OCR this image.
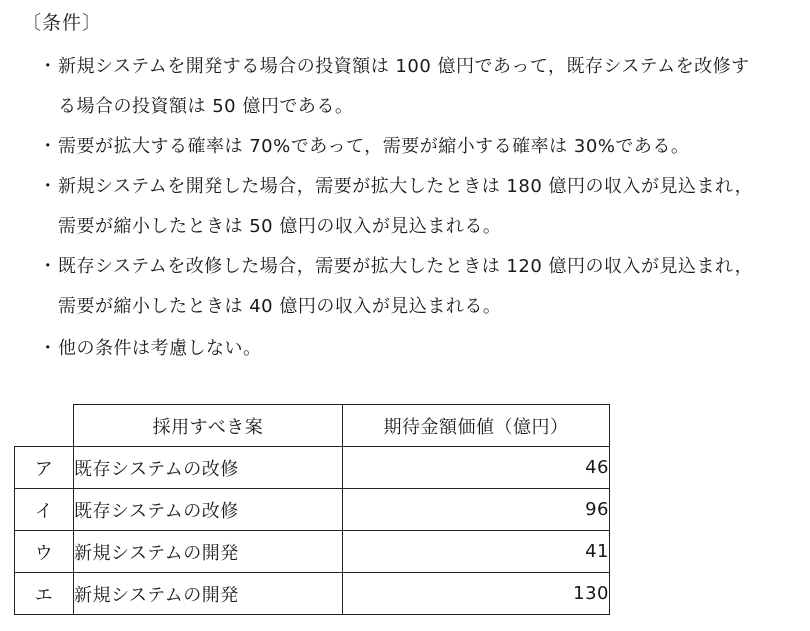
〔条件〕
・新規システムを開発する場合の投資額は 100 億円であって，既存システムを改修す
る場合の投資額は 50 億円である。
・需要が拡大する確率は 70%であって，需要が縮小する確率は 30%である。
・新規システムを開発した場合，需要が拡大したときは 180 億円の収入が見込まれ，
需要が縮小したときは 50 億円の収入が見込まれる。
・既存システムを改修した場合，需要が拡大したときは 120 億円の収入が見込まれ，
需要が縮小したときは 40 億円の収入が見込まれる。
・他の条件は考慮しない。
	採用すべき案	期待金額価値（億円）
ア	既存システムの改修	46
イ	既存システムの改修	96
ウ	新規システムの開発	41
エ	新規システムの開発	130
